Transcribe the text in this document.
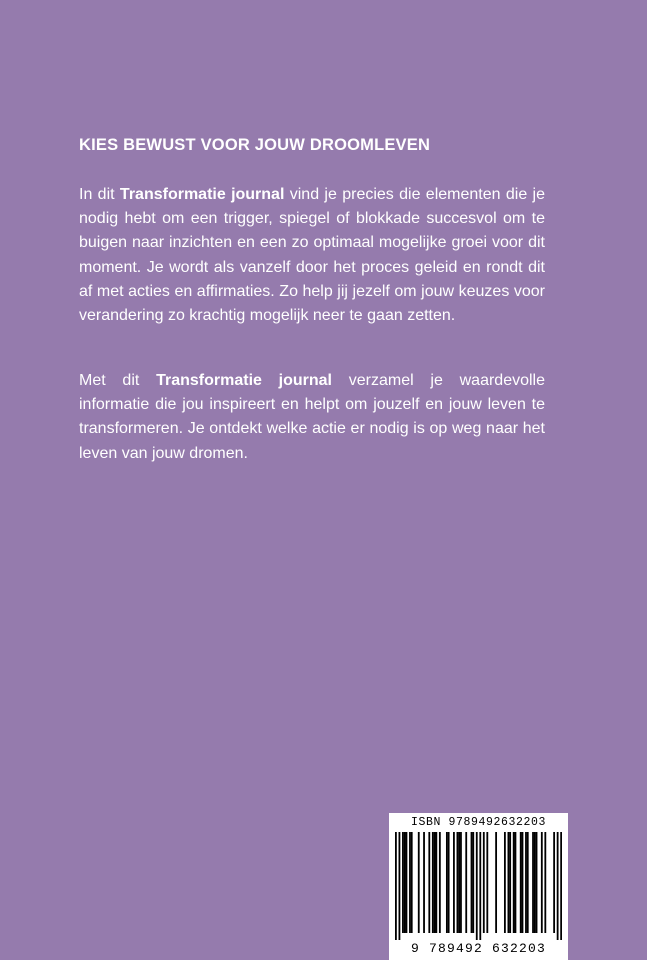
KIES BEWUST VOOR JOUW DROOMLEVEN

In dit Transformatie journal vind je precies die elementen die je nodig hebt om een trigger, spiegel of blokkade succesvol om te buigen naar inzichten en een zo optimaal mogelijke groei voor dit moment. Je wordt als vanzelf door het proces geleid en rondt dit af met acties en affirmaties. Zo help jij jezelf om jouw keuzes voor verandering zo krachtig mogelijk neer te gaan zetten.

Met dit Transformatie journal verzamel je waardevolle informatie die jou inspireert en helpt om jouzelf en jouw leven te transformeren. Je ontdekt welke actie er nodig is op weg naar het leven van jouw dromen.

ISBN 9789492632203
9 789492 632203
